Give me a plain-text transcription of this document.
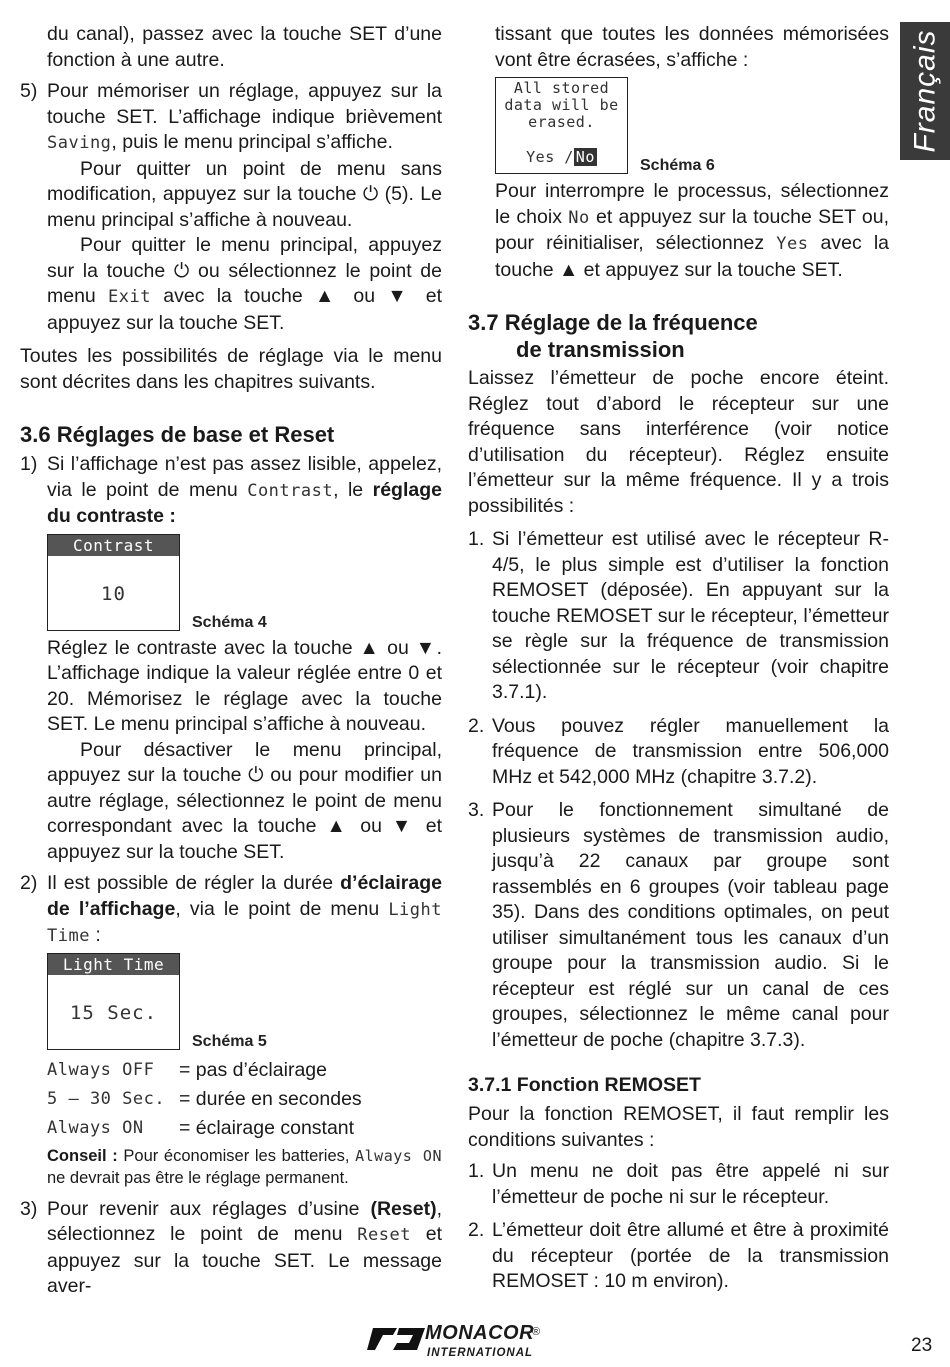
du canal), passez avec la touche SET d’une fonction à une autre.

5) Pour mémoriser un réglage, appuyez sur la touche SET. L’affichage indique brièvement Saving, puis le menu principal s’affiche.

Pour quitter un point de menu sans modification, appuyez sur la touche ⏻ (5). Le menu principal s’affiche à nouveau.

Pour quitter le menu principal, appuyez sur la touche ⏻ ou sélectionnez le point de menu Exit avec la touche ▲ ou ▼ et appuyez sur la touche SET.

Toutes les possibilités de réglage via le menu sont décrites dans les chapitres suivants.

3.6 Réglages de base et Reset
1) Si l’affichage n’est pas assez lisible, appelez, via le point de menu Contrast, le réglage du contraste :

Contrast
10
Schéma 4

Réglez le contraste avec la touche ▲ ou ▼. L’affichage indique la valeur réglée entre 0 et 20. Mémorisez le réglage avec la touche SET. Le menu principal s’affiche à nouveau.

Pour désactiver le menu principal, appuyez sur la touche ⏻ ou pour modifier un autre réglage, sélectionnez le point de menu correspondant avec la touche ▲ ou ▼ et appuyez sur la touche SET.

2) Il est possible de régler la durée d’éclairage de l’affichage, via le point de menu Light Time :

Light Time
15 Sec.
Schéma 5
Always OFF	= pas d’éclairage
5 – 30 Sec. = durée en secondes
Always ON	= éclairage constant

Conseil : Pour économiser les batteries, Always ON ne devrait pas être le réglage permanent.

3) Pour revenir aux réglages d’usine (Reset), sélectionnez le point de menu Reset et appuyez sur la touche SET. Le message aver-

tissant que toutes les données mémorisées vont être écrasées, s’affiche :

All stored
data will be
erased.
Yes / No	Schéma 6

Pour interrompre le processus, sélectionnez le choix No et appuyez sur la touche SET ou, pour réinitialiser, sélectionnez Yes avec la touche ▲ et appuyez sur la touche SET.

3.7 Réglage de la fréquence
de transmission

Laissez l’émetteur de poche encore éteint. Réglez tout d’abord le récepteur sur une fréquence sans interférence (voir notice d’utilisation du récepteur). Réglez ensuite l’émetteur sur la même fréquence. Il y a trois possibilités :

1. Si l’émetteur est utilisé avec le récepteur R-4/5, le plus simple est d’utiliser la fonction REMOSET (déposée). En appuyant sur la touche REMOSET sur le récepteur, l’émetteur se règle sur la fréquence de transmission sélectionnée sur le récepteur (voir chapitre 3.7.1).

2. Vous pouvez régler manuellement la fréquence de transmission entre 506,000 MHz et 542,000 MHz (chapitre 3.7.2).

3. Pour le fonctionnement simultané de plusieurs systèmes de transmission audio, jusqu’à 22 canaux par groupe sont rassemblés en 6 groupes (voir tableau page 35). Dans des conditions optimales, on peut utiliser simultanément tous les canaux d’un groupe pour la transmission audio. Si le récepteur est réglé sur un canal de ces groupes, sélectionnez le même canal pour l’émetteur de poche (chapitre 3.7.3).

3.7.1 Fonction REMOSET

Pour la fonction REMOSET, il faut remplir les conditions suivantes :

1. Un menu ne doit pas être appelé ni sur l’émetteur de poche ni sur le récepteur.

2. L’émetteur doit être allumé et être à proximité du récepteur (portée de la transmission REMOSET : 10 m environ).

Français
MONACOR
®
INTERNATIONAL	23
